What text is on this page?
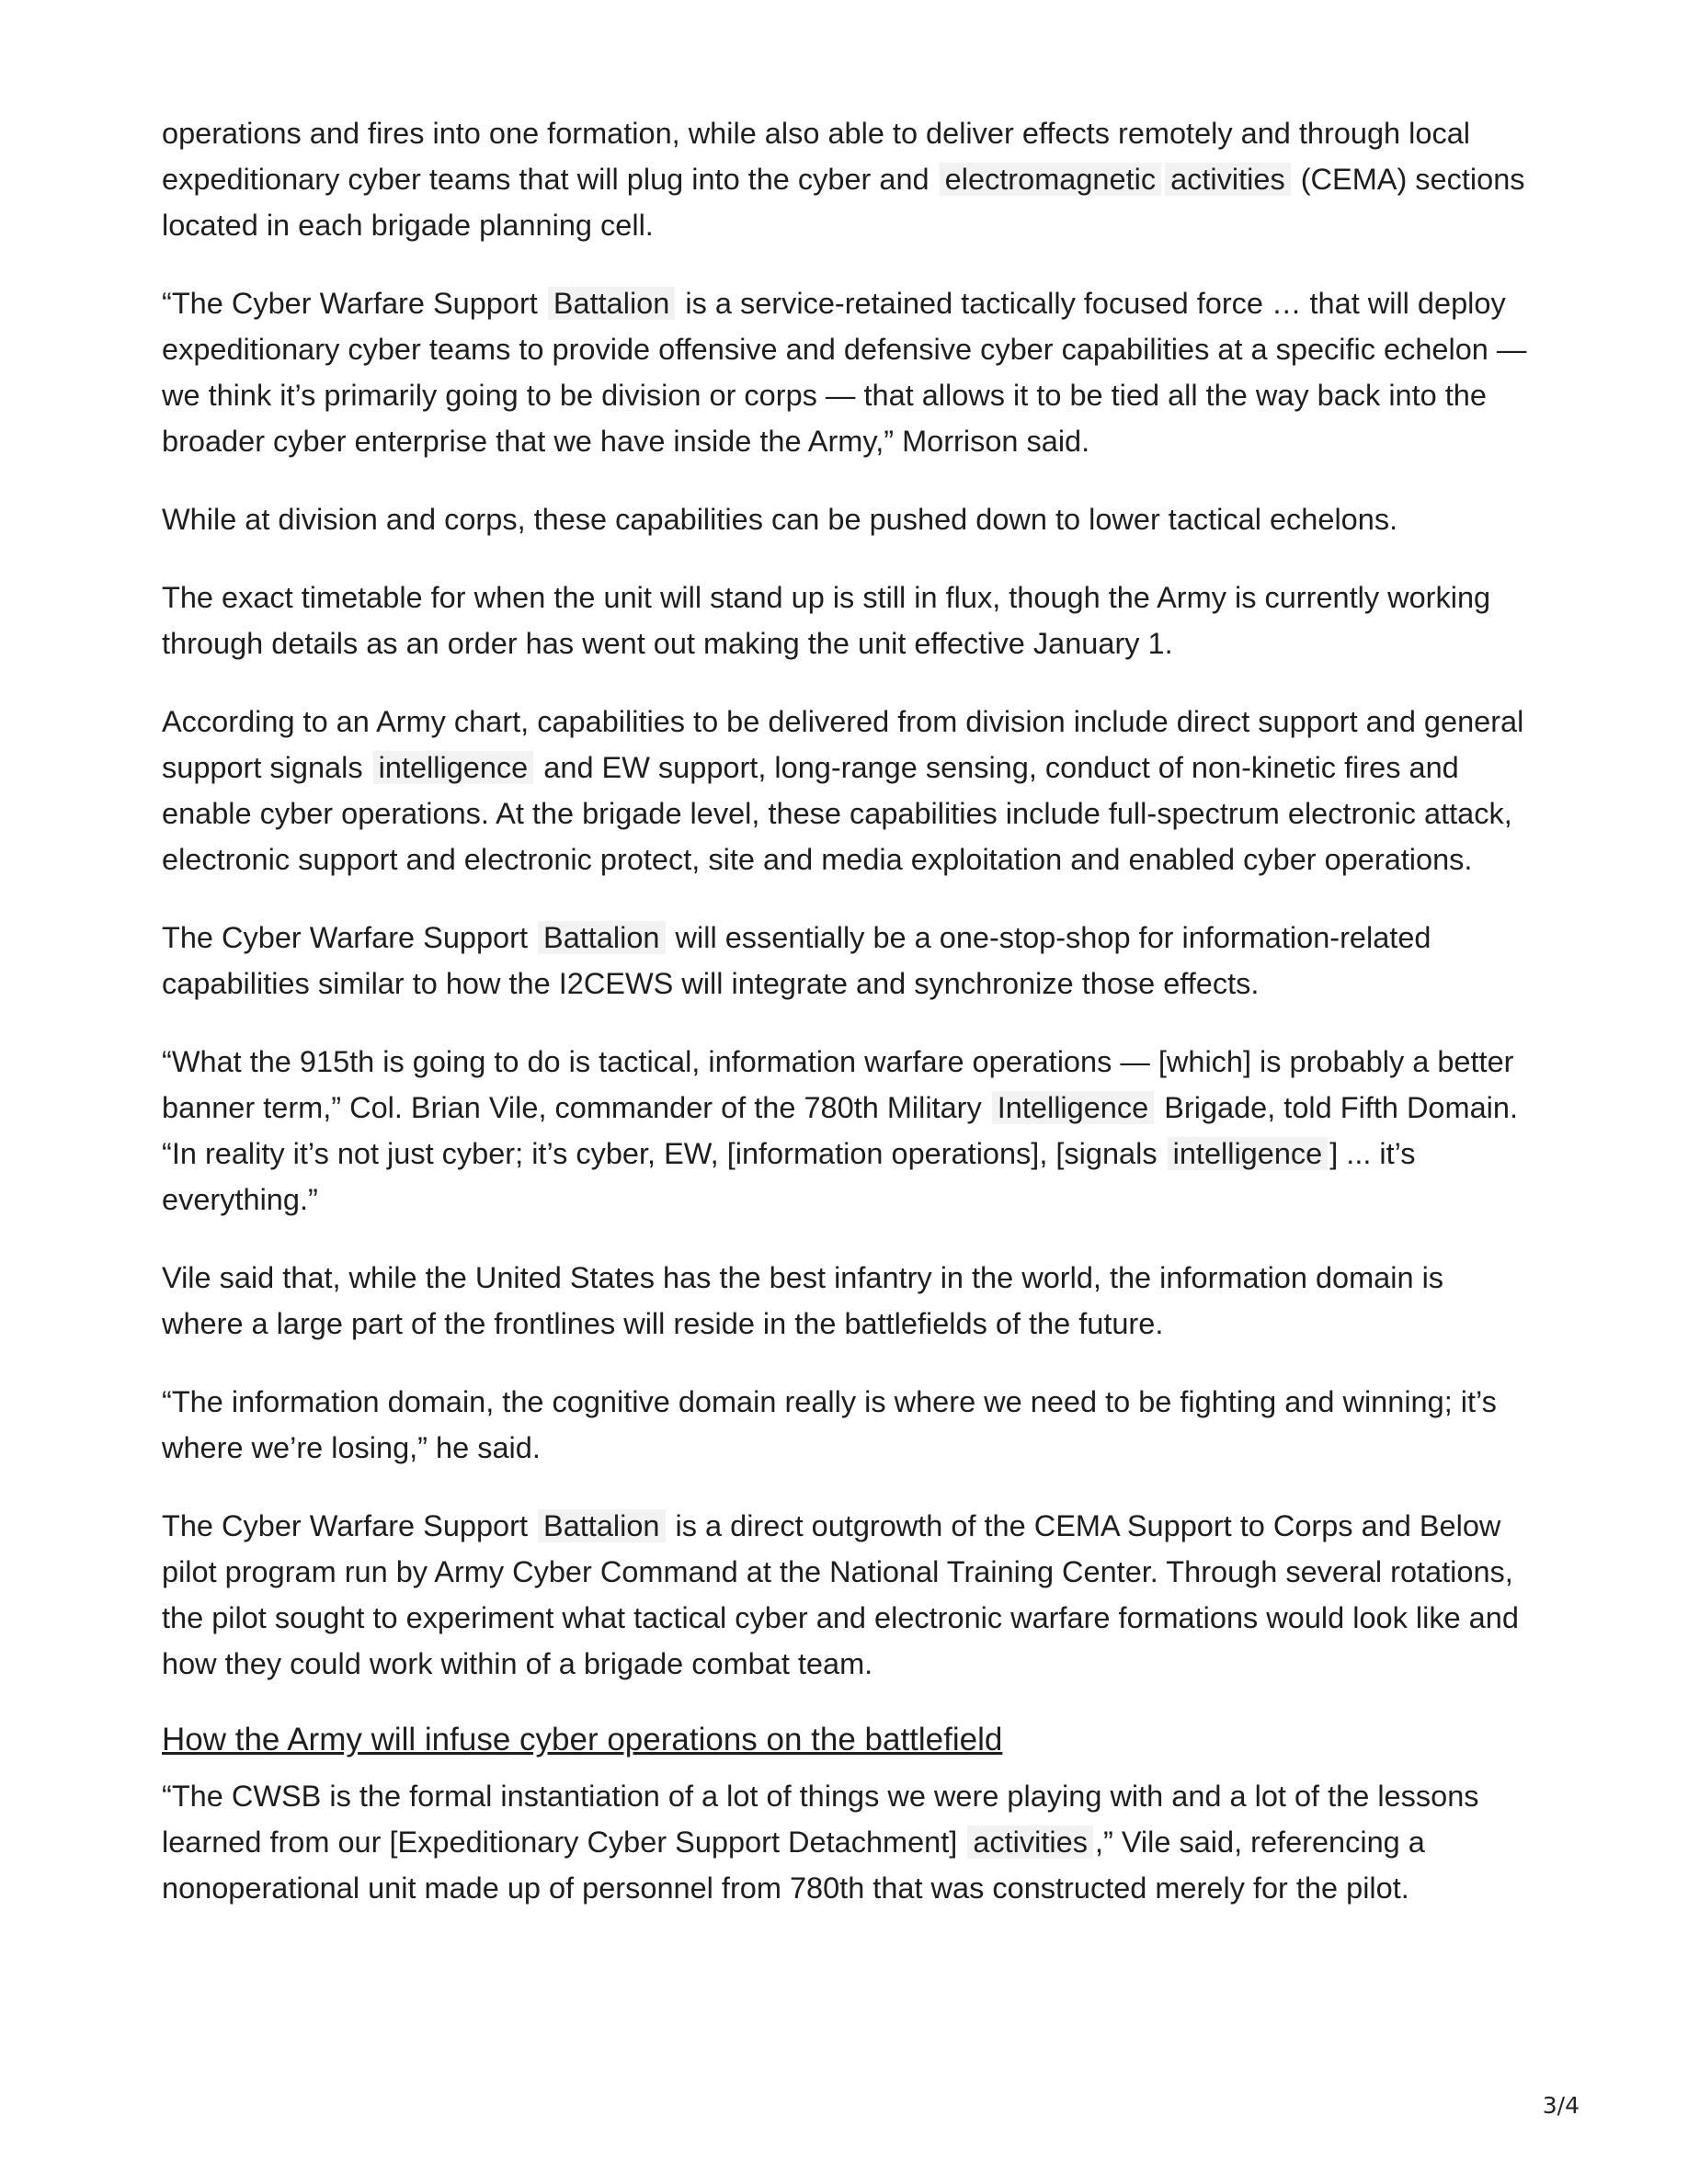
operations and fires into one formation, while also able to deliver effects remotely and through local expeditionary cyber teams that will plug into the cyber and electromagnetic activities (CEMA) sections located in each brigade planning cell.

“The Cyber Warfare Support Battalion is a service-retained tactically focused force … that will deploy expeditionary cyber teams to provide offensive and defensive cyber capabilities at a specific echelon — we think it’s primarily going to be division or corps — that allows it to be tied all the way back into the broader cyber enterprise that we have inside the Army,” Morrison said.

While at division and corps, these capabilities can be pushed down to lower tactical echelons.

The exact timetable for when the unit will stand up is still in flux, though the Army is currently working through details as an order has went out making the unit effective January 1.

According to an Army chart, capabilities to be delivered from division include direct support and general support signals intelligence and EW support, long-range sensing, conduct of non-kinetic fires and enable cyber operations. At the brigade level, these capabilities include full-spectrum electronic attack, electronic support and electronic protect, site and media exploitation and enabled cyber operations.

The Cyber Warfare Support Battalion will essentially be a one-stop-shop for information-related capabilities similar to how the I2CEWS will integrate and synchronize those effects.

“What the 915th is going to do is tactical, information warfare operations — [which] is probably a better banner term,” Col. Brian Vile, commander of the 780th Military Intelligence Brigade, told Fifth Domain. “In reality it’s not just cyber; it’s cyber, EW, [information operations], [signals intelligence ] ... it’s everything.”

Vile said that, while the United States has the best infantry in the world, the information domain is where a large part of the frontlines will reside in the battlefields of the future.

“The information domain, the cognitive domain really is where we need to be fighting and winning; it’s where we’re losing,” he said.

The Cyber Warfare Support Battalion is a direct outgrowth of the CEMA Support to Corps and Below pilot program run by Army Cyber Command at the National Training Center. Through several rotations, the pilot sought to experiment what tactical cyber and electronic warfare formations would look like and how they could work within of a brigade combat team.

How the Army will infuse cyber operations on the battlefield

“The CWSB is the formal instantiation of a lot of things we were playing with and a lot of the lessons learned from our [Expeditionary Cyber Support Detachment] activities ,” Vile said, referencing a nonoperational unit made up of personnel from 780th that was constructed merely for the pilot.

3/4
